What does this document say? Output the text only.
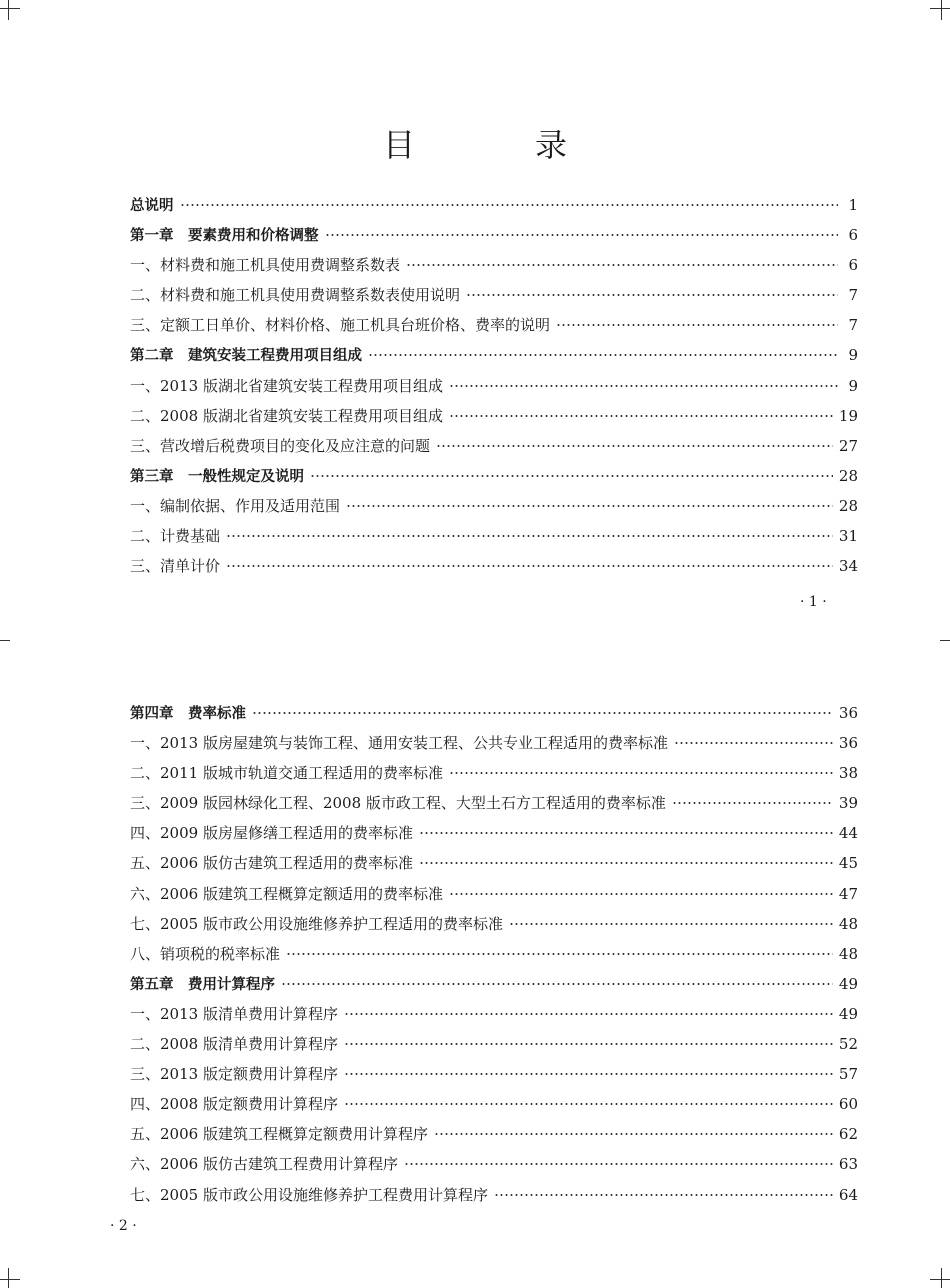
目　录
总说明	1
第一章　要素费用和价格调整	6
一、材料费和施工机具使用费调整系数表	6
二、材料费和施工机具使用费调整系数表使用说明	7
三、定额工日单价、材料价格、施工机具台班价格、费率的说明	7
第二章　建筑安装工程费用项目组成	9
一、2013 版湖北省建筑安装工程费用项目组成	9
二、2008 版湖北省建筑安装工程费用项目组成	19
三、营改增后税费项目的变化及应注意的问题	27
第三章　一般性规定及说明	28
一、编制依据、作用及适用范围	28
二、计费基础	31
三、清单计价	34
· 1 ·
第四章　费率标准	36
一、2013 版房屋建筑与装饰工程、通用安装工程、公共专业工程适用的费率标准	36
二、2011 版城市轨道交通工程适用的费率标准	38
三、2009 版园林绿化工程、2008 版市政工程、大型土石方工程适用的费率标准	39
四、2009 版房屋修缮工程适用的费率标准	44
五、2006 版仿古建筑工程适用的费率标准	45
六、2006 版建筑工程概算定额适用的费率标准	47
七、2005 版市政公用设施维修养护工程适用的费率标准	48
八、销项税的税率标准	48
第五章　费用计算程序	49
一、2013 版清单费用计算程序	49
二、2008 版清单费用计算程序	52
三、2013 版定额费用计算程序	57
四、2008 版定额费用计算程序	60
五、2006 版建筑工程概算定额费用计算程序	62
六、2006 版仿古建筑工程费用计算程序	63
七、2005 版市政公用设施维修养护工程费用计算程序	64
· 2 ·
